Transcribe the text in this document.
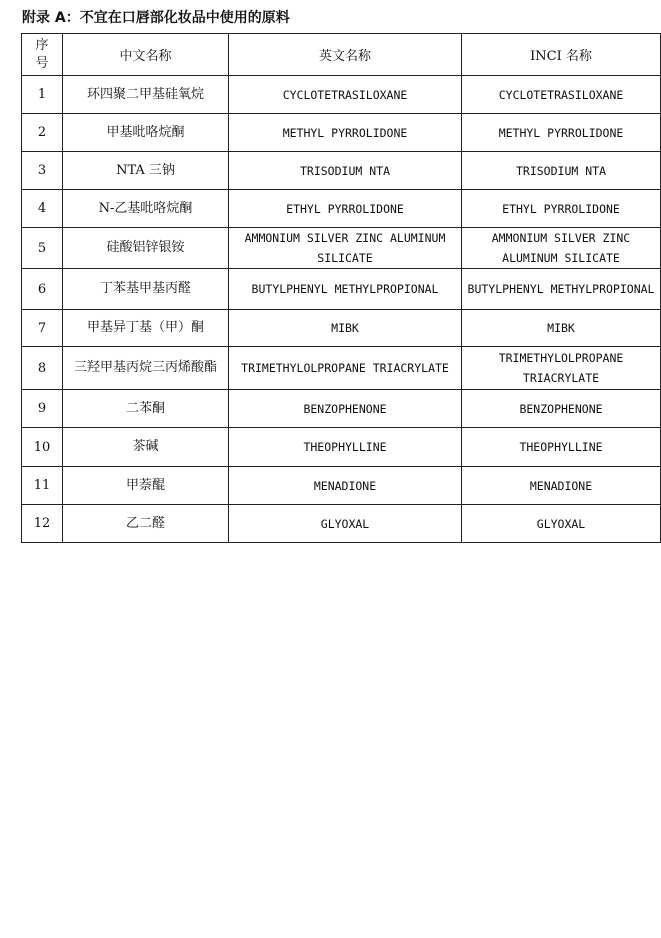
附录 A：不宜在口唇部化妆品中使用的原料
序号	中文名称	英文名称	INCI 名称
1	环四聚二甲基硅氧烷	CYCLOTETRASILOXANE	CYCLOTETRASILOXANE
2	甲基吡咯烷酮	METHYL PYRROLIDONE	METHYL PYRROLIDONE
3	NTA 三钠	TRISODIUM NTA	TRISODIUM NTA
4	N-乙基吡咯烷酮	ETHYL PYRROLIDONE	ETHYL PYRROLIDONE
5	硅酸铝锌银铵	AMMONIUM SILVER ZINC ALUMINUM SILICATE	AMMONIUM SILVER ZINC ALUMINUM SILICATE
6	丁苯基甲基丙醛	BUTYLPHENYL METHYLPROPIONAL	BUTYLPHENYL METHYLPROPIONAL
7	甲基异丁基（甲）酮	MIBK	MIBK
8	三羟甲基丙烷三丙烯酸酯	TRIMETHYLOLPROPANE TRIACRYLATE	TRIMETHYLOLPROPANE TRIACRYLATE
9	二苯酮	BENZOPHENONE	BENZOPHENONE
10	茶碱	THEOPHYLLINE	THEOPHYLLINE
11	甲萘醌	MENADIONE	MENADIONE
12	乙二醛	GLYOXAL	GLYOXAL
